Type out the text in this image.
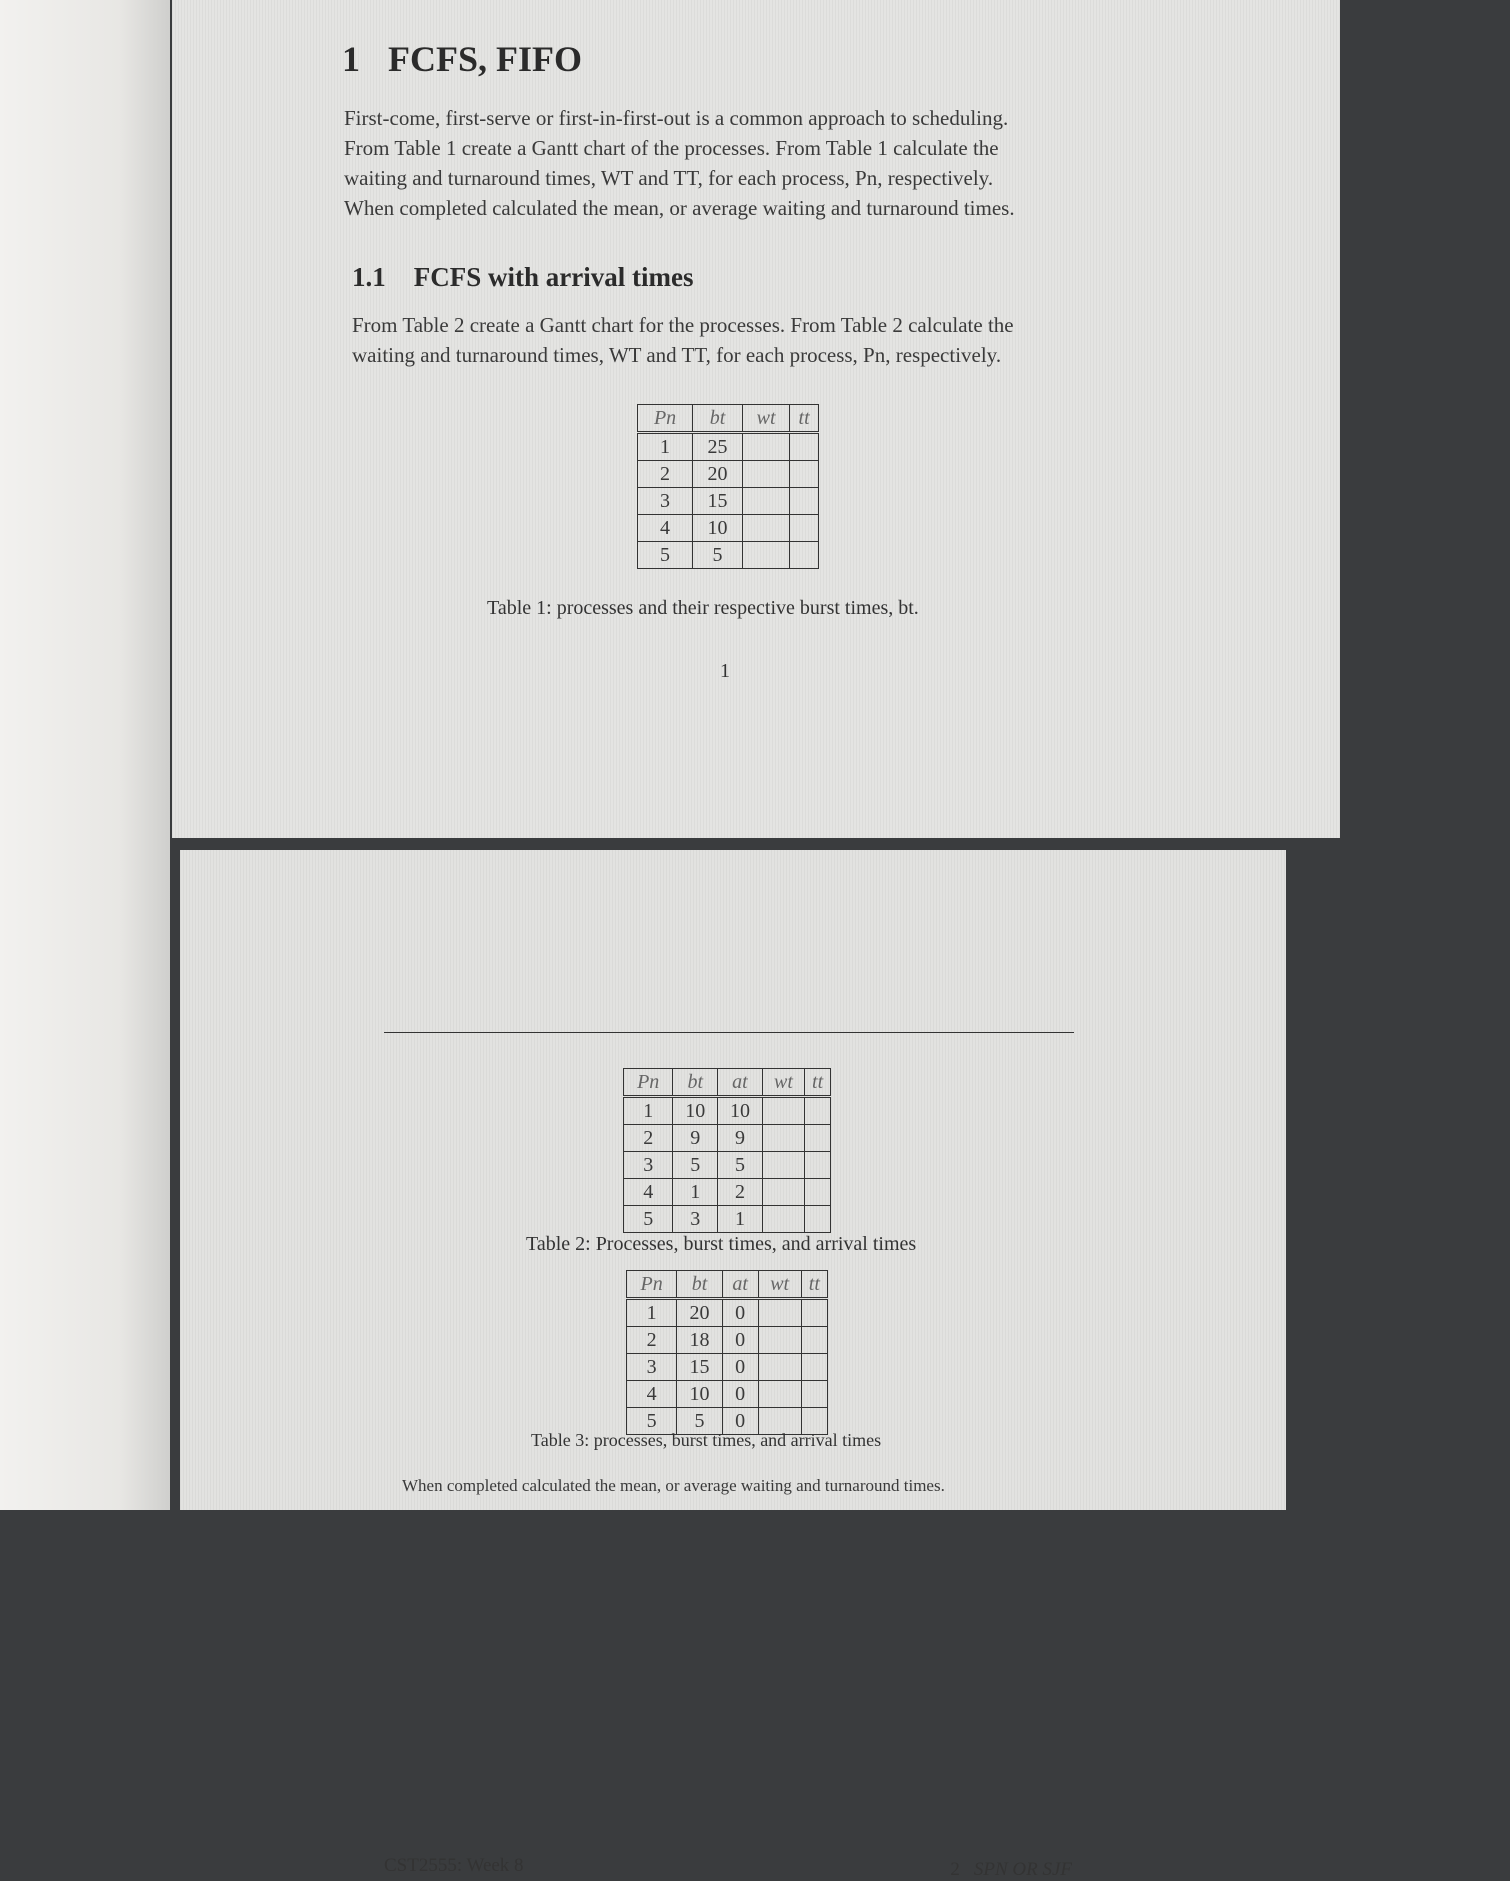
1 FCFS, FIFO
First-come, first-serve or first-in-first-out is a common approach to scheduling.
From Table 1 create a Gantt chart of the processes. From Table 1 calculate the
waiting and turnaround times, WT and TT, for each process, Pn, respectively.
When completed calculated the mean, or average waiting and turnaround times.
1.1 FCFS with arrival times
From Table 2 create a Gantt chart for the processes. From Table 2 calculate the
waiting and turnaround times, WT and TT, for each process, Pn, respectively.
Pn	bt	wt	tt
1	25		
2	20		
3	15		
4	10		
5	5		
Table 1: processes and their respective burst times, bt.
1
CST2555: Week 8	2 SPN OR SJF
Pn	bt	at	wt	tt
1	10	10		
2	9	9		
3	5	5		
4	1	2		
5	3	1		
Table 2: Processes, burst times, and arrival times
Pn	bt	at	wt	tt
1	20	0		
2	18	0		
3	15	0		
4	10	0		
5	5	0		
Table 3: processes, burst times, and arrival times
When completed calculated the mean, or average waiting and turnaround times.
